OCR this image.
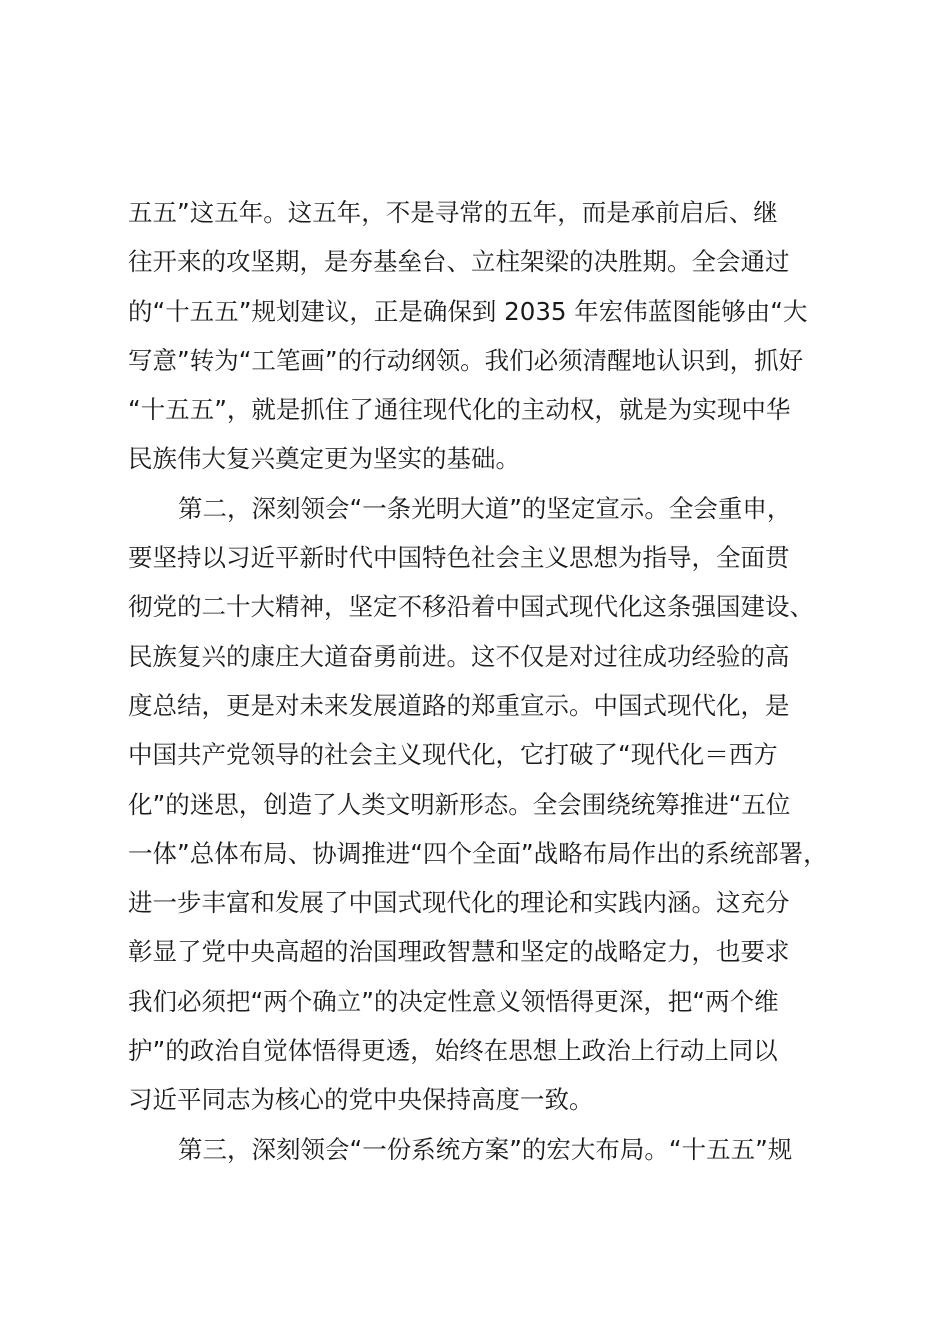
五五”这五年。这五年，不是寻常的五年，而是承前启后、继
往开来的攻坚期，是夯基垒台、立柱架梁的决胜期。全会通过
的“十五五”规划建议，正是确保到 2035 年宏伟蓝图能够由“大
写意”转为“工笔画”的行动纲领。我们必须清醒地认识到，抓好
“十五五”，就是抓住了通往现代化的主动权，就是为实现中华
民族伟大复兴奠定更为坚实的基础。
第二，深刻领会“一条光明大道”的坚定宣示。全会重申，
要坚持以习近平新时代中国特色社会主义思想为指导，全面贯
彻党的二十大精神，坚定不移沿着中国式现代化这条强国建设、
民族复兴的康庄大道奋勇前进。这不仅是对过往成功经验的高
度总结，更是对未来发展道路的郑重宣示。中国式现代化，是
中国共产党领导的社会主义现代化，它打破了“现代化＝西方
化”的迷思，创造了人类文明新形态。全会围绕统筹推进“五位
一体”总体布局、协调推进“四个全面”战略布局作出的系统部署，
进一步丰富和发展了中国式现代化的理论和实践内涵。这充分
彰显了党中央高超的治国理政智慧和坚定的战略定力，也要求
我们必须把“两个确立”的决定性意义领悟得更深，把“两个维
护”的政治自觉体悟得更透，始终在思想上政治上行动上同以
习近平同志为核心的党中央保持高度一致。
第三，深刻领会“一份系统方案”的宏大布局。“十五五”规
